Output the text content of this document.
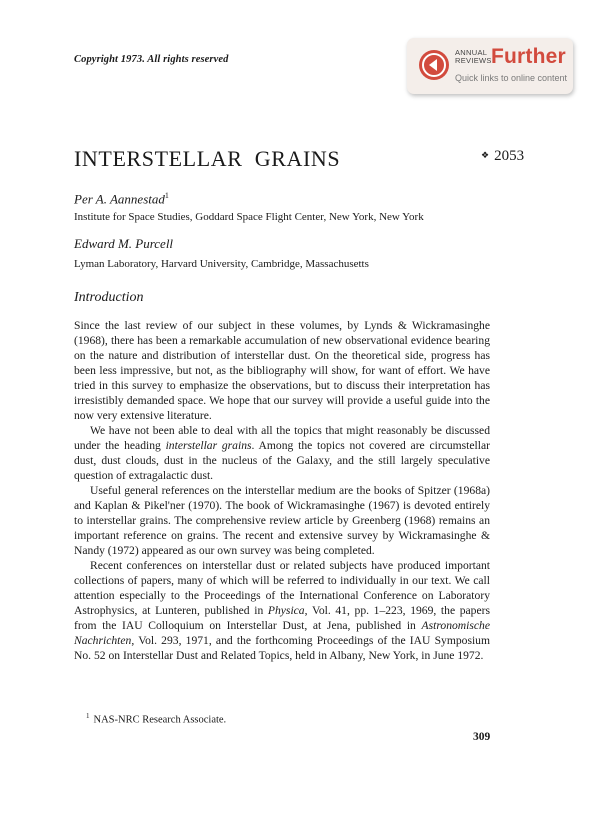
Copyright 1973. All rights reserved
ANNUAL
REVIEWS Further
Quick links to online content
INTERSTELLAR  GRAINS	❖ 2053
Per A. Aannestad$^1$
Institute for Space Studies, Goddard Space Flight Center, New York, New York
Edward M. Purcell
Lyman Laboratory, Harvard University, Cambridge, Massachusetts
Introduction

Since the last review of our subject in these volumes, by Lynds & Wickramasinghe (1968), there has been a remarkable accumulation of new observational evidence bearing on the nature and distribution of interstellar dust. On the theoretical side, progress has been less impressive, but not, as the bibliography will show, for want of effort. We have tried in this survey to emphasize the observations, but to discuss their interpretation has irresistibly demanded space. We hope that our survey will provide a useful guide into the now very extensive literature.

We have not been able to deal with all the topics that might reasonably be discussed under the heading interstellar grains. Among the topics not covered are circumstellar dust, dust clouds, dust in the nucleus of the Galaxy, and the still largely speculative question of extragalactic dust.

Useful general references on the interstellar medium are the books of Spitzer (1968a) and Kaplan & Pikel'ner (1970). The book of Wickramasinghe (1967) is devoted entirely to interstellar grains. The comprehensive review article by Greenberg (1968) remains an important reference on grains. The recent and extensive survey by Wickramasinghe & Nandy (1972) appeared as our own survey was being completed.

Recent conferences on interstellar dust or related subjects have produced important collections of papers, many of which will be referred to individually in our text. We call attention especially to the Proceedings of the International Conference on Laboratory Astrophysics, at Lunteren, published in Physica, Vol. 41, pp. 1–223, 1969, the papers from the IAU Colloquium on Interstellar Dust, at Jena, published in Astronomische Nachrichten, Vol. 293, 1971, and the forthcoming Proceedings of the IAU Symposium No. 52 on Interstellar Dust and Related Topics, held in Albany, New York, in June 1972.

$^1$ NAS-NRC Research Associate.
309
